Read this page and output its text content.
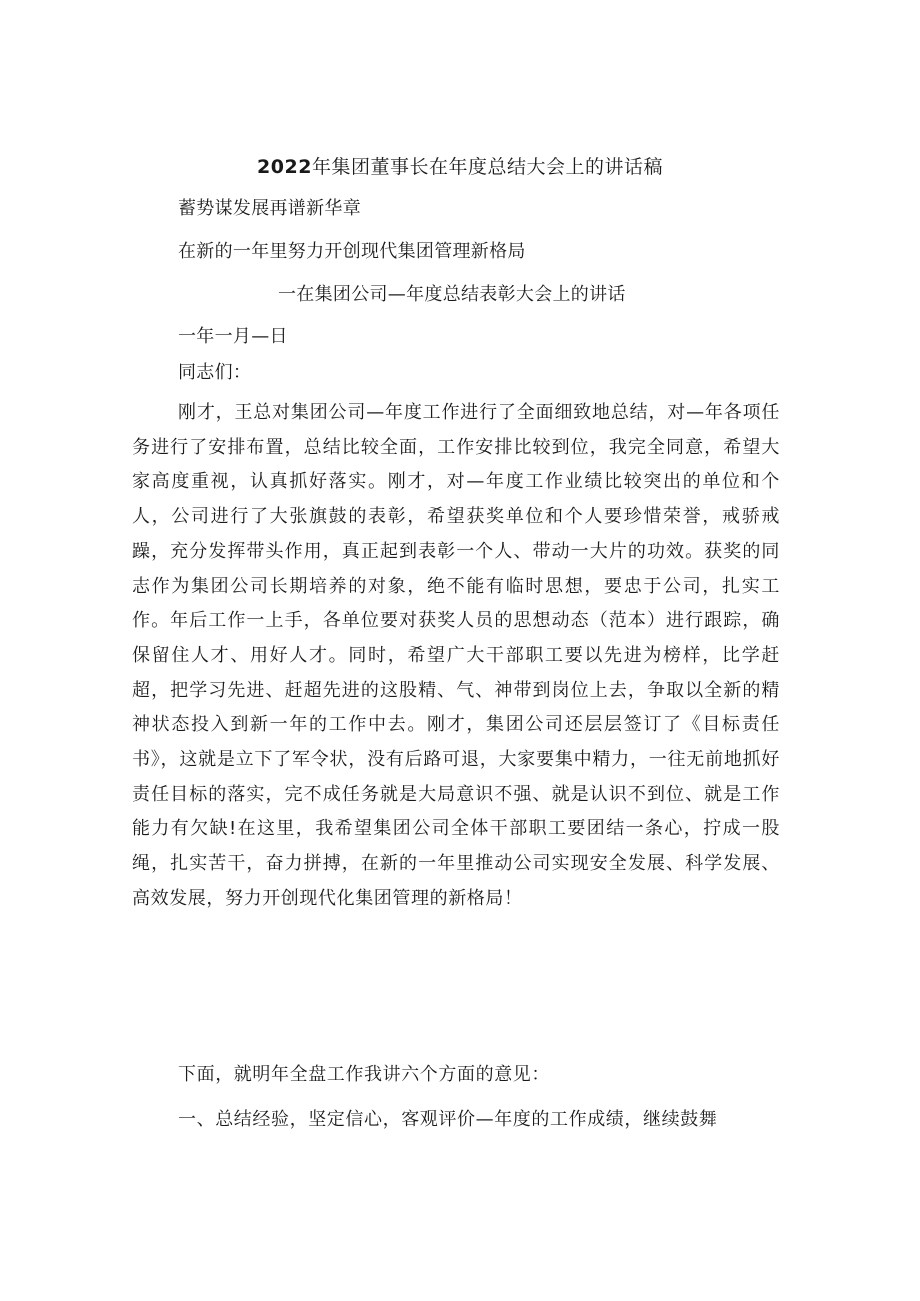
2022年集团董事长在年度总结大会上的讲话稿
蓄势谋发展再谱新华章
在新的一年里努力开创现代集团管理新格局
一在集团公司—年度总结表彰大会上的讲话
一年一月—日
同志们：

刚才，王总对集团公司—年度工作进行了全面细致地总结，对—年各项任务进行了安排布置，总结比较全面，工作安排比较到位，我完全同意，希望大家高度重视，认真抓好落实。刚才，对—年度工作业绩比较突出的单位和个人，公司进行了大张旗鼓的表彰，希望获奖单位和个人要珍惜荣誉，戒骄戒躁，充分发挥带头作用，真正起到表彰一个人、带动一大片的功效。获奖的同志作为集团公司长期培养的对象，绝不能有临时思想，要忠于公司，扎实工作。年后工作一上手，各单位要对获奖人员的思想动态（范本）进行跟踪，确保留住人才、用好人才。同时，希望广大干部职工要以先进为榜样，比学赶超，把学习先进、赶超先进的这股精、气、神带到岗位上去，争取以全新的精神状态投入到新一年的工作中去。刚才，集团公司还层层签订了《目标责任书》，这就是立下了军令状，没有后路可退，大家要集中精力，一往无前地抓好责任目标的落实，完不成任务就是大局意识不强、就是认识不到位、就是工作能力有欠缺!在这里，我希望集团公司全体干部职工要团结一条心，拧成一股绳，扎实苦干，奋力拼搏，在新的一年里推动公司实现安全发展、科学发展、高效发展，努力开创现代化集团管理的新格局！

下面，就明年全盘工作我讲六个方面的意见：

一、总结经验，坚定信心，客观评价—年度的工作成绩，继续鼓舞
